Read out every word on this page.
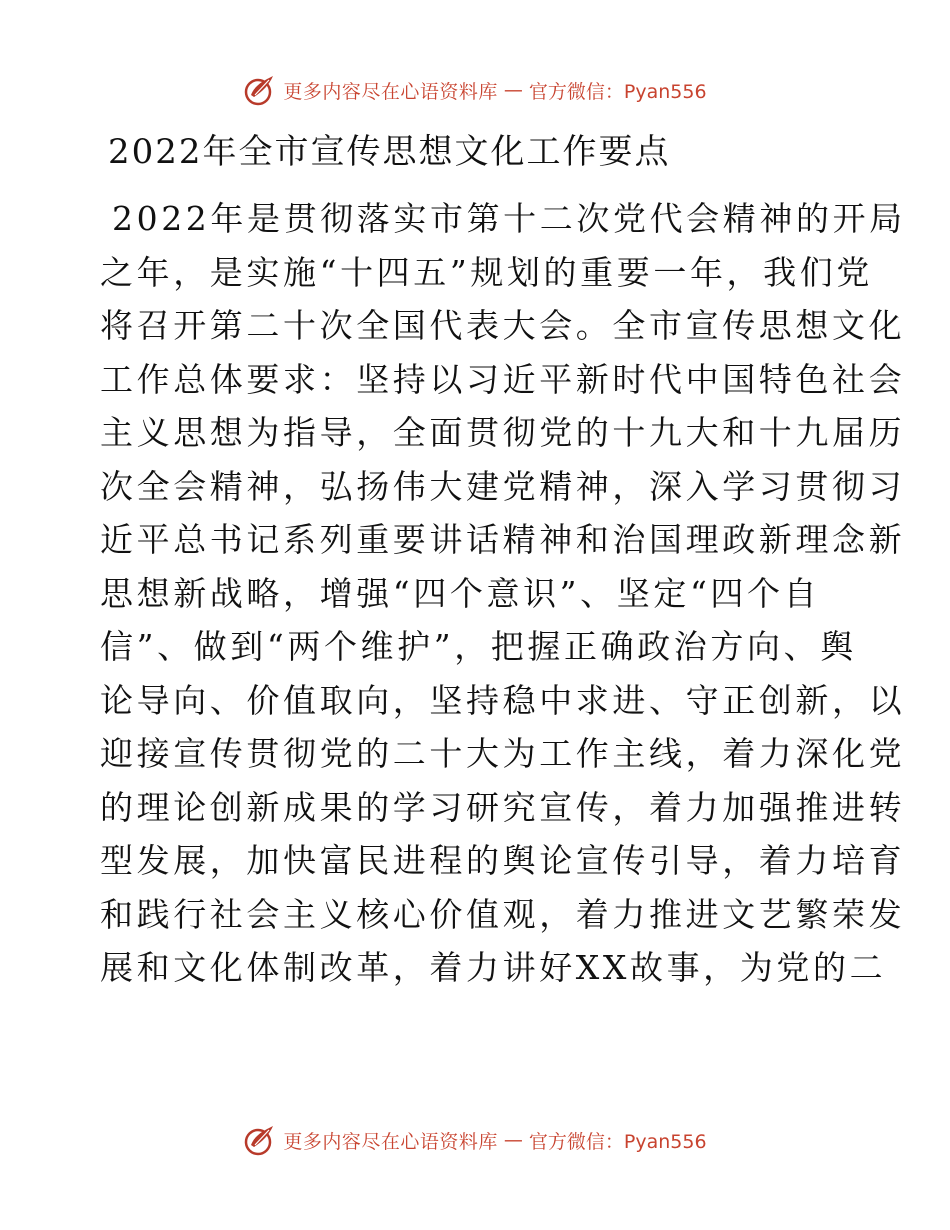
更多内容尽在心语资料库 — 官方微信：Pyan556
2022年全市宣传思想文化工作要点
2022年是贯彻落实市第十二次党代会精神的开局
之年，是实施“十四五”规划的重要一年，我们党
将召开第二十次全国代表大会。全市宣传思想文化
工作总体要求：坚持以习近平新时代中国特色社会
主义思想为指导，全面贯彻党的十九大和十九届历
次全会精神，弘扬伟大建党精神，深入学习贯彻习
近平总书记系列重要讲话精神和治国理政新理念新
思想新战略，增强“四个意识”、坚定“四个自
信”、做到“两个维护”，把握正确政治方向、舆
论导向、价值取向，坚持稳中求进、守正创新，以
迎接宣传贯彻党的二十大为工作主线，着力深化党
的理论创新成果的学习研究宣传，着力加强推进转
型发展，加快富民进程的舆论宣传引导，着力培育
和践行社会主义核心价值观，着力推进文艺繁荣发
展和文化体制改革，着力讲好XX故事，为党的二
更多内容尽在心语资料库 — 官方微信：Pyan556
